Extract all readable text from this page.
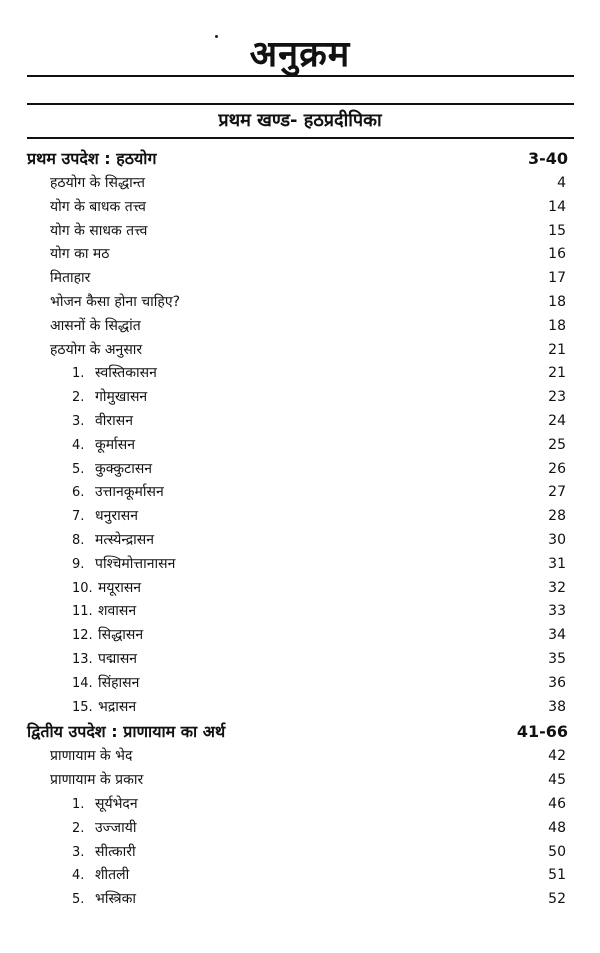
अनुक्रम
प्रथम खण्ड- हठप्रदीपिका
प्रथम उपदेश : हठयोग	3-40
हठयोग के सिद्धान्त	4
योग के बाधक तत्त्व	14
योग के साधक तत्त्व	15
योग का मठ	16
मिताहार	17
भोजन कैसा होना चाहिए?	18
आसनों के सिद्धांत	18
हठयोग के अनुसार	21
1. स्वस्तिकासन	21
2. गोमुखासन	23
3. वीरासन	24
4. कूर्मासन	25
5. कुक्कुटासन	26
6. उत्तानकूर्मासन	27
7. धनुरासन	28
8. मत्स्येन्द्रासन	30
9. पश्चिमोत्तानासन	31
10. मयूरासन	32
11. शवासन	33
12. सिद्धासन	34
13. पद्मासन	35
14. सिंहासन	36
15. भद्रासन	38
द्वितीय उपदेश : प्राणायाम का अर्थ	41-66
प्राणायाम के भेद	42
प्राणायाम के प्रकार	45
1. सूर्यभेदन	46
2. उज्जायी	48
3. सीत्कारी	50
4. शीतली	51
5. भस्त्रिका	52
